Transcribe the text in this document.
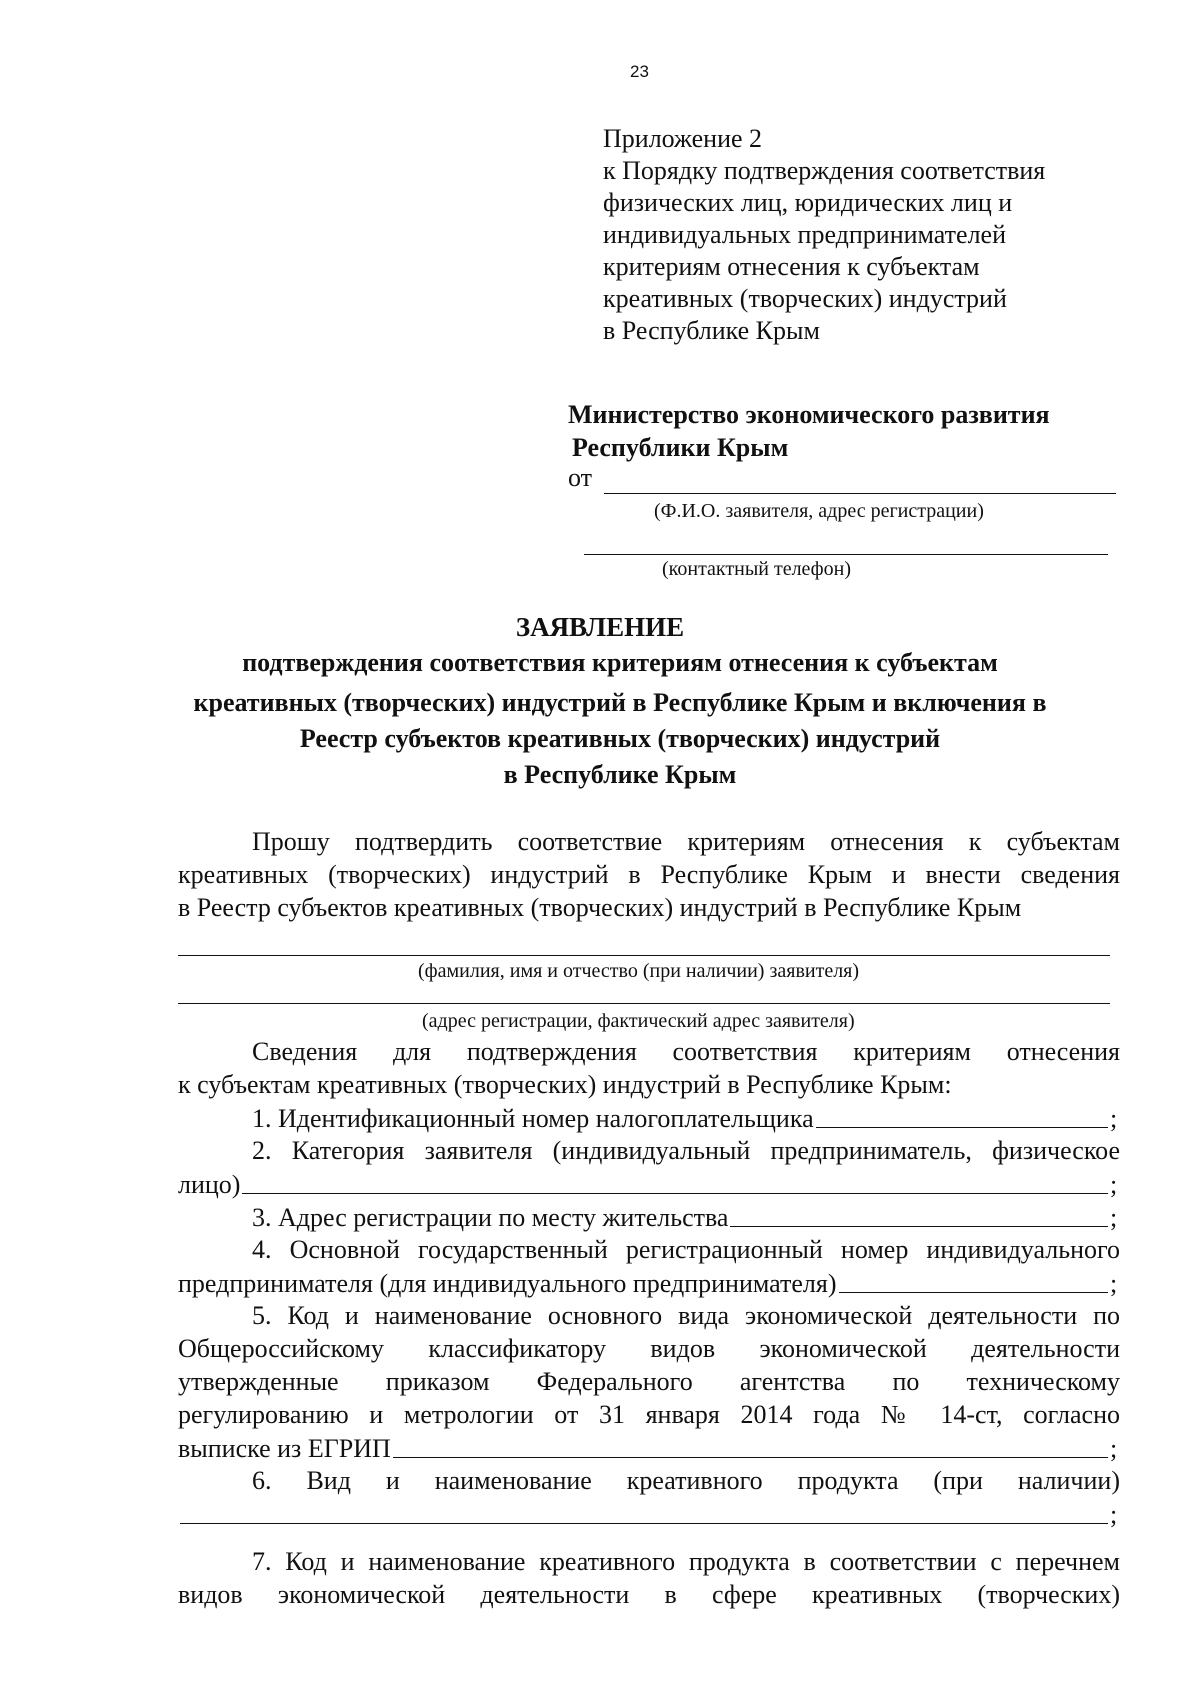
23
Приложение 2
к Порядку подтверждения соответствия
физических лиц, юридических лиц и
индивидуальных предпринимателей
критериям отнесения к субъектам
креативных (творческих) индустрий
в Республике Крым
Министерство экономического развития
Республики Крым
от
(Ф.И.О. заявителя, адрес регистрации)
(контактный телефон)
ЗАЯВЛЕНИЕ
подтверждения соответствия критериям отнесения к субъектам
креативных (творческих) индустрий в Республике Крым и включения в
Реестр субъектов креативных (творческих) индустрий
в Республике Крым
Прошу подтвердить соответствие критериям отнесения к субъектам
креативных (творческих) индустрий в Республике Крым и внести сведения
в Реестр субъектов креативных (творческих) индустрий в Республике Крым
(фамилия, имя и отчество (при наличии) заявителя)
(адрес регистрации, фактический адрес заявителя)
Сведения для подтверждения соответствия критериям отнесения
к субъектам креативных (творческих) индустрий в Республике Крым:
1. Идентификационный номер налогоплательщика	;
2. Категория заявителя (индивидуальный предприниматель, физическое
лицо)	;
3. Адрес регистрации по месту жительства	;
4. Основной государственный регистрационный номер индивидуального
предпринимателя (для индивидуального предпринимателя)	;
5. Код и наименование основного вида экономической деятельности по
Общероссийскому классификатору видов экономической деятельности
утвержденные приказом Федерального агентства по техническому
регулированию и метрологии от 31 января 2014 года № 14-ст, согласно
выписке из ЕГРИП	;
6. Вид и наименование креативного продукта (при наличии)
;
7. Код и наименование креативного продукта в соответствии с перечнем
видов экономической деятельности в сфере креативных (творческих)
